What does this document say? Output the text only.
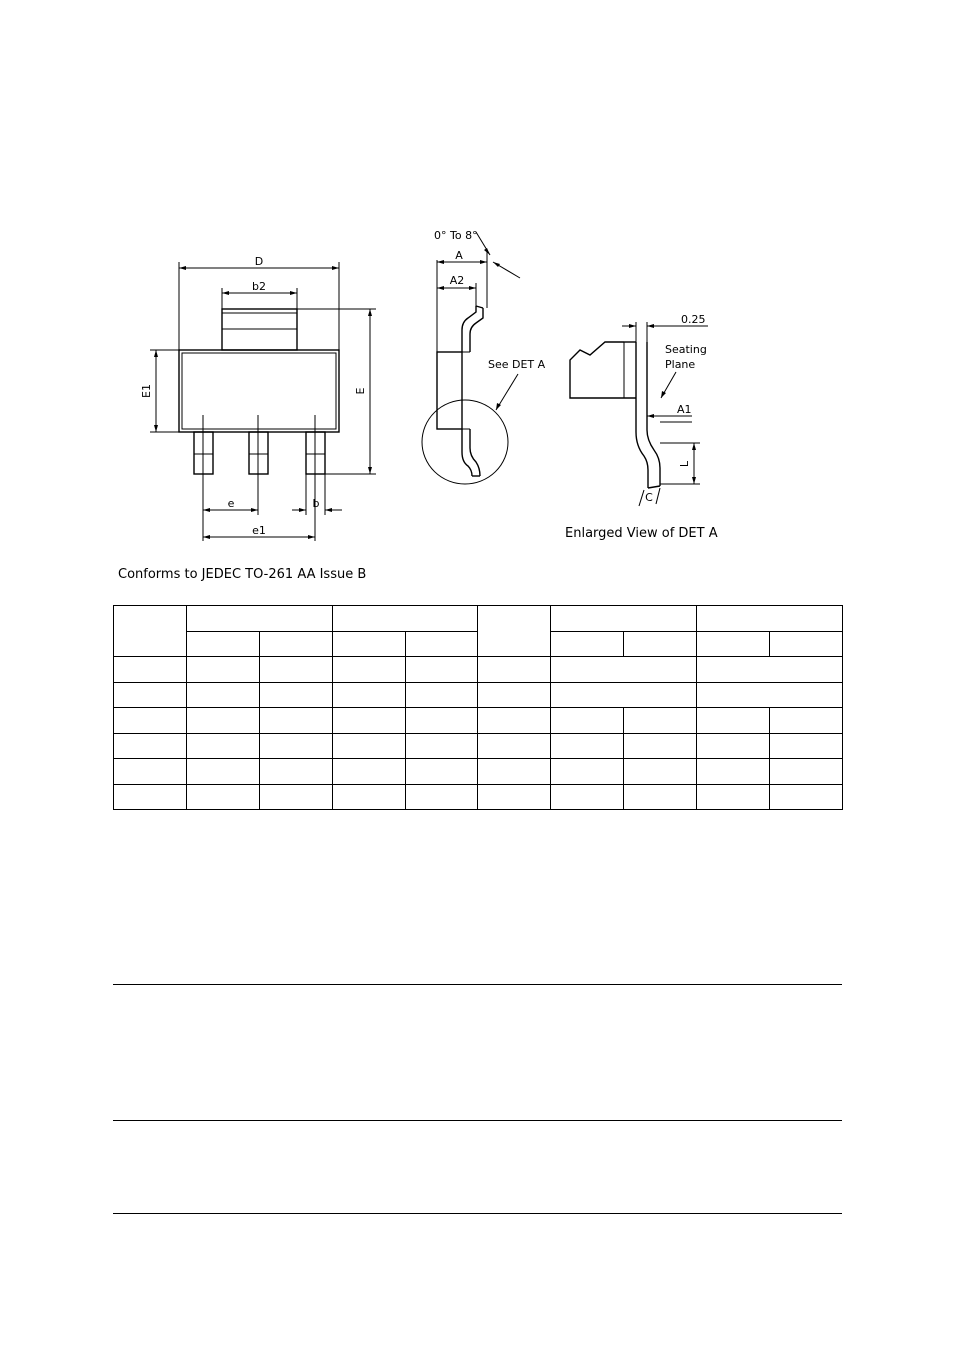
D
b2
E1	E
e	b
e1
A
A2
0° To 8°
See DET A
0.25
Seating
Plane
A1
L
C
Enlarged View of DET A
Conforms to JEDEC TO-261 AA Issue B
